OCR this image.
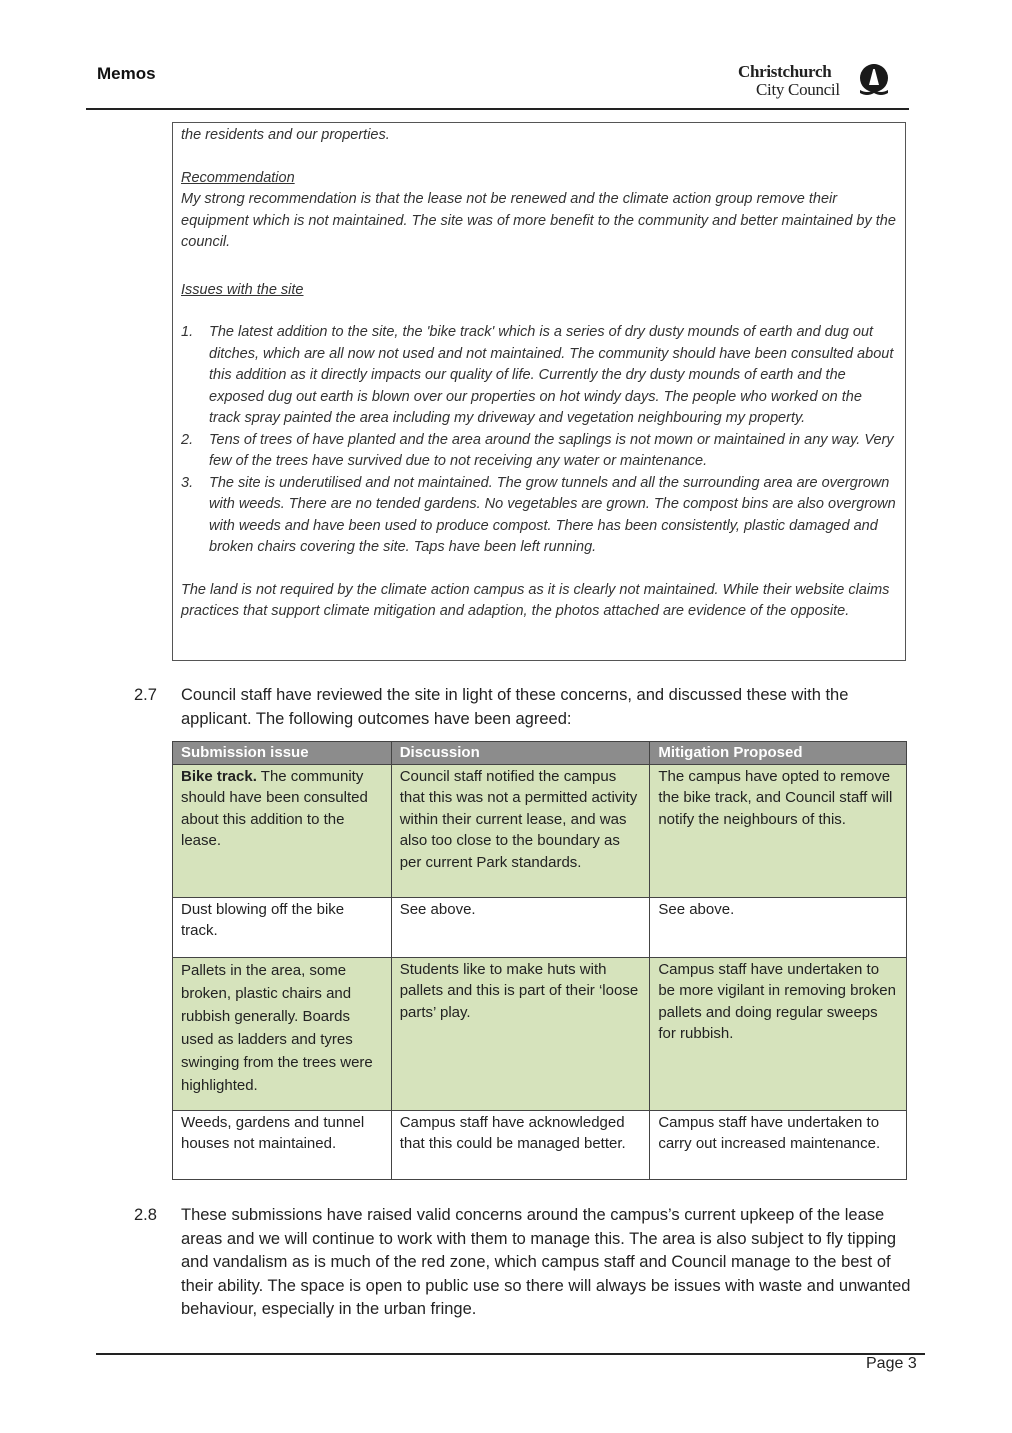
Memos	Christchurch
City Council

the residents and our properties.

Recommendation

My strong recommendation is that the lease not be renewed and the climate action group remove their equipment which is not maintained. The site was of more benefit to the community and better maintained by the council.

Issues with the site

1. The latest addition to the site, the 'bike track' which is a series of dry dusty mounds of earth and dug out ditches, which are all now not used and not maintained. The community should have been consulted about this addition as it directly impacts our quality of life. Currently the dry dusty mounds of earth and the exposed dug out earth is blown over our properties on hot windy days. The people who worked on the track spray painted the area including my driveway and vegetation neighbouring my property.
2. Tens of trees of have planted and the area around the saplings is not mown or maintained in any way. Very few of the trees have survived due to not receiving any water or maintenance.
3. The site is underutilised and not maintained. The grow tunnels and all the surrounding area are overgrown with weeds. There are no tended gardens. No vegetables are grown. The compost bins are also overgrown with weeds and have been used to produce compost. There has been consistently, plastic damaged and broken chairs covering the site. Taps have been left running.

The land is not required by the climate action campus as it is clearly not maintained. While their website claims practices that support climate mitigation and adaption, the photos attached are evidence of the opposite.

2.7 Council staff have reviewed the site in light of these concerns, and discussed these with the applicant. The following outcomes have been agreed:
Submission issue	Discussion	Mitigation Proposed
Bike track. The community should have been consulted about this addition to the lease.	Council staff notified the campus that this was not a permitted activity within their current lease, and was also too close to the boundary as per current Park standards.	The campus have opted to remove the bike track, and Council staff will notify the neighbours of this.
Dust blowing off the bike track.	See above.	See above.
Pallets in the area, some broken, plastic chairs and rubbish generally. Boards used as ladders and tyres swinging from the trees were highlighted.	Students like to make huts with pallets and this is part of their ‘loose parts’ play.	Campus staff have undertaken to be more vigilant in removing broken pallets and doing regular sweeps for rubbish.
Weeds, gardens and tunnel houses not maintained.	Campus staff have acknowledged that this could be managed better.	Campus staff have undertaken to carry out increased maintenance.
2.8 These submissions have raised valid concerns around the campus’s current upkeep of the lease areas and we will continue to work with them to manage this. The area is also subject to fly tipping and vandalism as is much of the red zone, which campus staff and Council manage to the best of their ability. The space is open to public use so there will always be issues with waste and unwanted behaviour, especially in the urban fringe.
Page 3
